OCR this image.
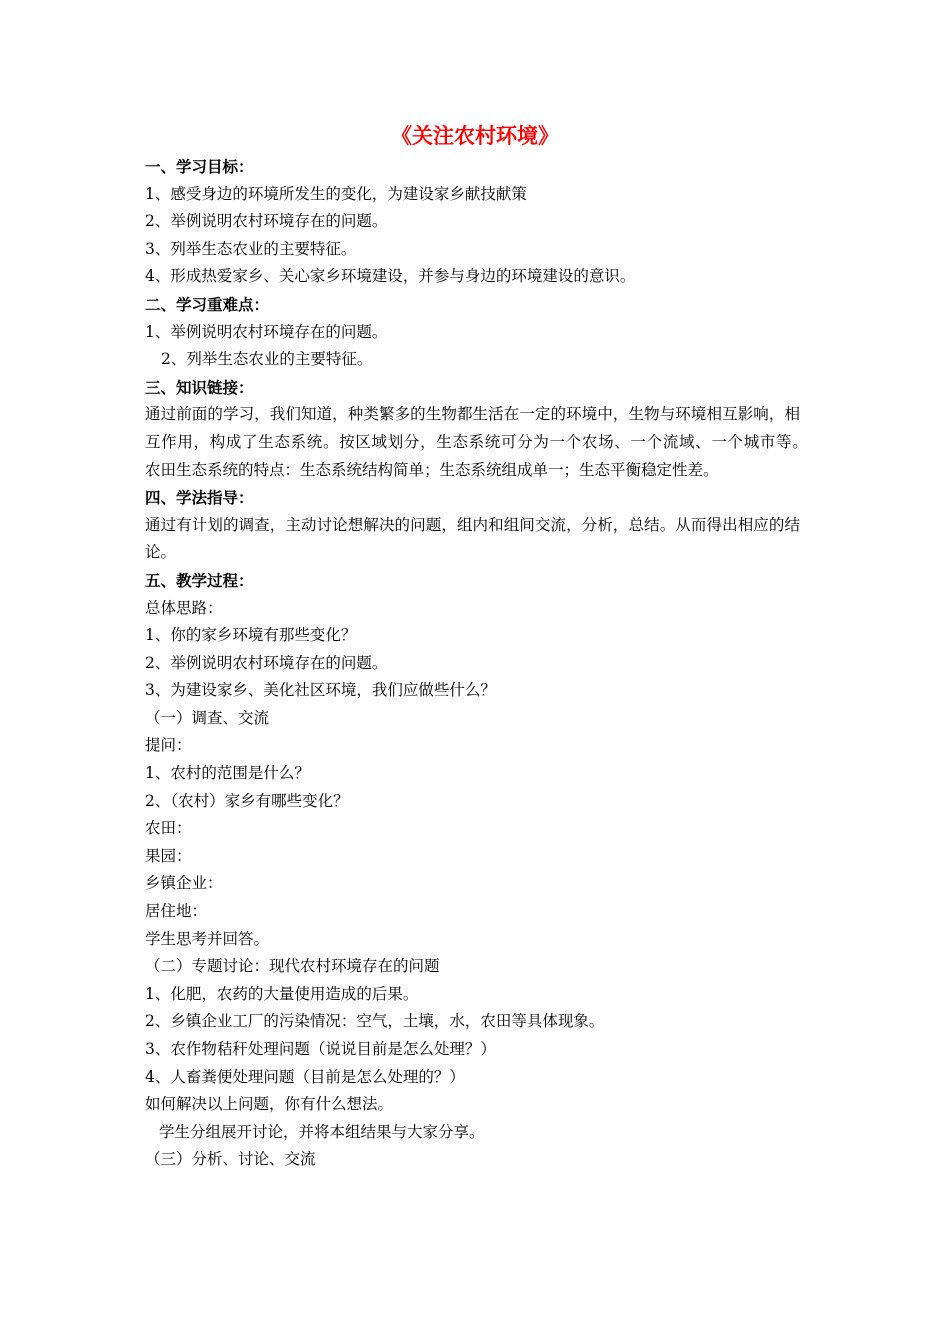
《关注农村环境》
一、学习目标：
1、感受身边的环境所发生的变化，为建设家乡献技献策
2、举例说明农村环境存在的问题。
3、列举生态农业的主要特征。
4、形成热爱家乡、关心家乡环境建设，并参与身边的环境建设的意识。
二、学习重难点：
1、举例说明农村环境存在的问题。
2、列举生态农业的主要特征。
三、知识链接：
通过前面的学习，我们知道，种类繁多的生物都生活在一定的环境中，生物与环境相互影响，相互作用，构成了生态系统。按区域划分，生态系统可分为一个农场、一个流域、一个城市等。　 农田生态系统的特点：生态系统结构简单；生态系统组成单一；生态平衡稳定性差。
四、学法指导：
通过有计划的调查，主动讨论想解决的问题，组内和组间交流，分析，总结。从而得出相应的结论。
五、教学过程：
总体思路：
1、你的家乡环境有那些变化？
2、举例说明农村环境存在的问题。
3、为建设家乡、美化社区环境，我们应做些什么？
（一）调查、交流
提问：
1、农村的范围是什么？
2、（农村）家乡有哪些变化？
农田：
果园：
乡镇企业：
居住地：
学生思考并回答。
（二）专题讨论：现代农村环境存在的问题
1、化肥，农药的大量使用造成的后果。
2、乡镇企业工厂的污染情况：空气，土壤，水，农田等具体现象。
3、农作物秸秆处理问题（说说目前是怎么处理？）
4、人畜粪便处理问题（目前是怎么处理的？）
如何解决以上问题，你有什么想法。
学生分组展开讨论，并将本组结果与大家分享。
（三）分析、讨论、交流
